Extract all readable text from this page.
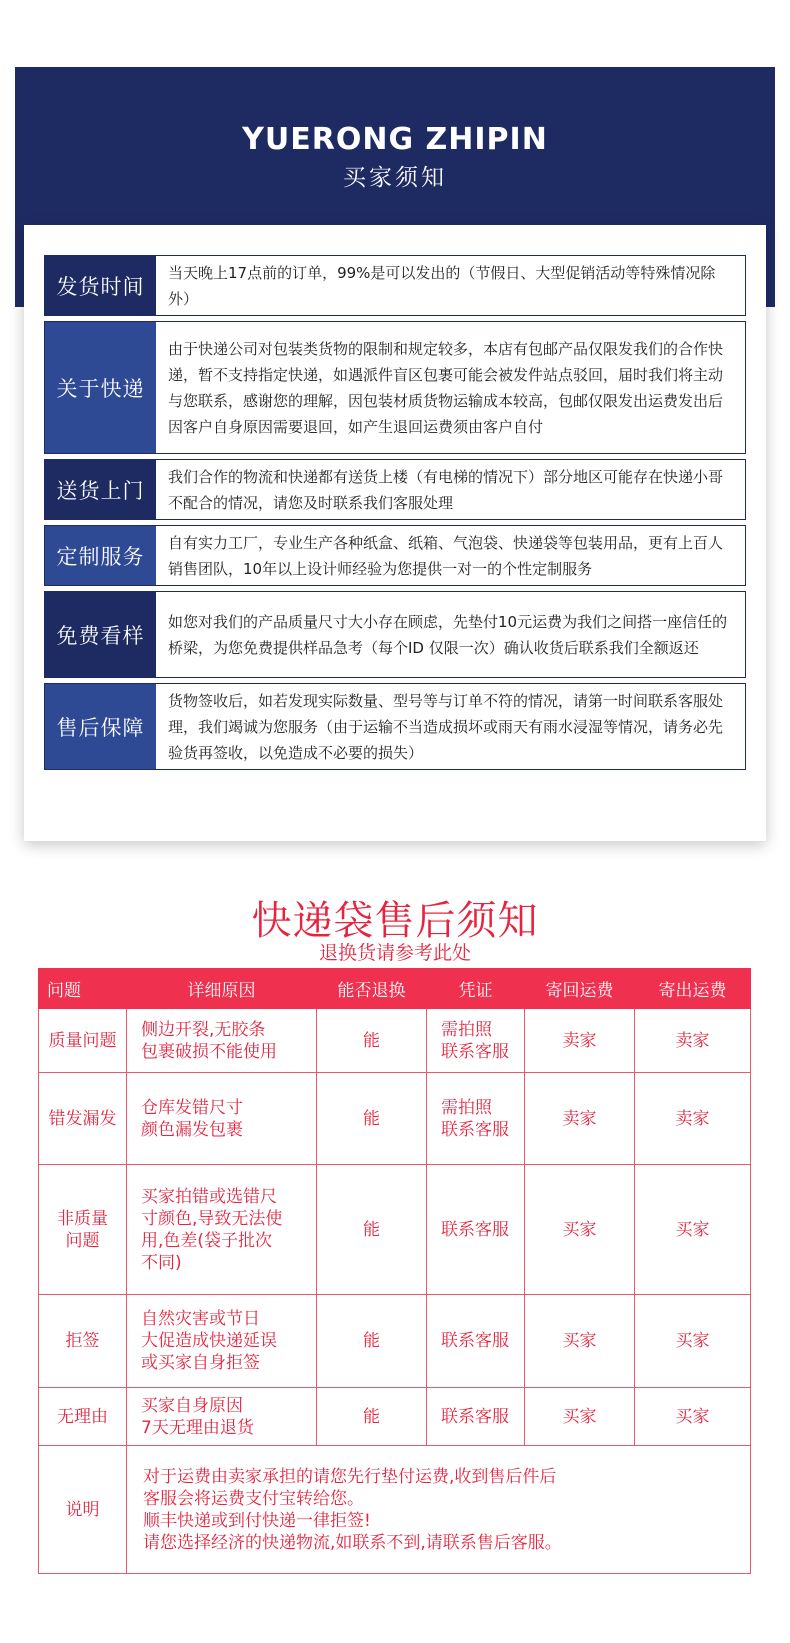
YUERONG ZHIPIN
买家须知
发货时间
当天晚上17点前的订单，99%是可以发出的（节假日、大型促销活动等特殊情况除外）
关于快递
由于快递公司对包装类货物的限制和规定较多，本店有包邮产品仅限发我们的合作快递，暂不支持指定快递，如遇派件盲区包裹可能会被发件站点驳回，届时我们将主动与您联系，感谢您的理解，因包装材质货物运输成本较高，包邮仅限发出运费发出后因客户自身原因需要退回，如产生退回运费须由客户自付
送货上门
我们合作的物流和快递都有送货上楼（有电梯的情况下）部分地区可能存在快递小哥不配合的情况，请您及时联系我们客服处理
定制服务
自有实力工厂，专业生产各种纸盒、纸箱、气泡袋、快递袋等包装用品，更有上百人销售团队，10年以上设计师经验为您提供一对一的个性定制服务
免费看样
如您对我们的产品质量尺寸大小存在顾虑，先垫付10元运费为我们之间搭一座信任的桥梁，为您免费提供样品急考（每个ID 仅限一次）确认收货后联系我们全额返还
售后保障
货物签收后，如若发现实际数量、型号等与订单不符的情况，请第一时间联系客服处理，我们竭诚为您服务（由于运输不当造成损坏或雨天有雨水浸湿等情况，请务必先验货再签收，以免造成不必要的损失）
快递袋售后须知
退换货请参考此处
问题	详细原因	能否退换	凭证	寄回运费	寄出运费
质量问题	侧边开裂,无胶条
包裹破损不能使用	能	需拍照
联系客服	卖家	卖家
错发漏发	仓库发错尺寸
颜色漏发包裹	能	需拍照
联系客服	卖家	卖家
非质量
问题	买家拍错或选错尺
寸颜色,导致无法使
用,色差(袋子批次
不同)	能	联系客服	买家	买家
拒签	自然灾害或节日
大促造成快递延误
或买家自身拒签	能	联系客服	买家	买家
无理由	买家自身原因
7天无理由退货	能	联系客服	买家	买家
说明	对于运费由卖家承担的请您先行垫付运费,收到售后件后
客服会将运费支付宝转给您。
顺丰快递或到付快递一律拒签!
请您选择经济的快递物流,如联系不到,请联系售后客服。				
